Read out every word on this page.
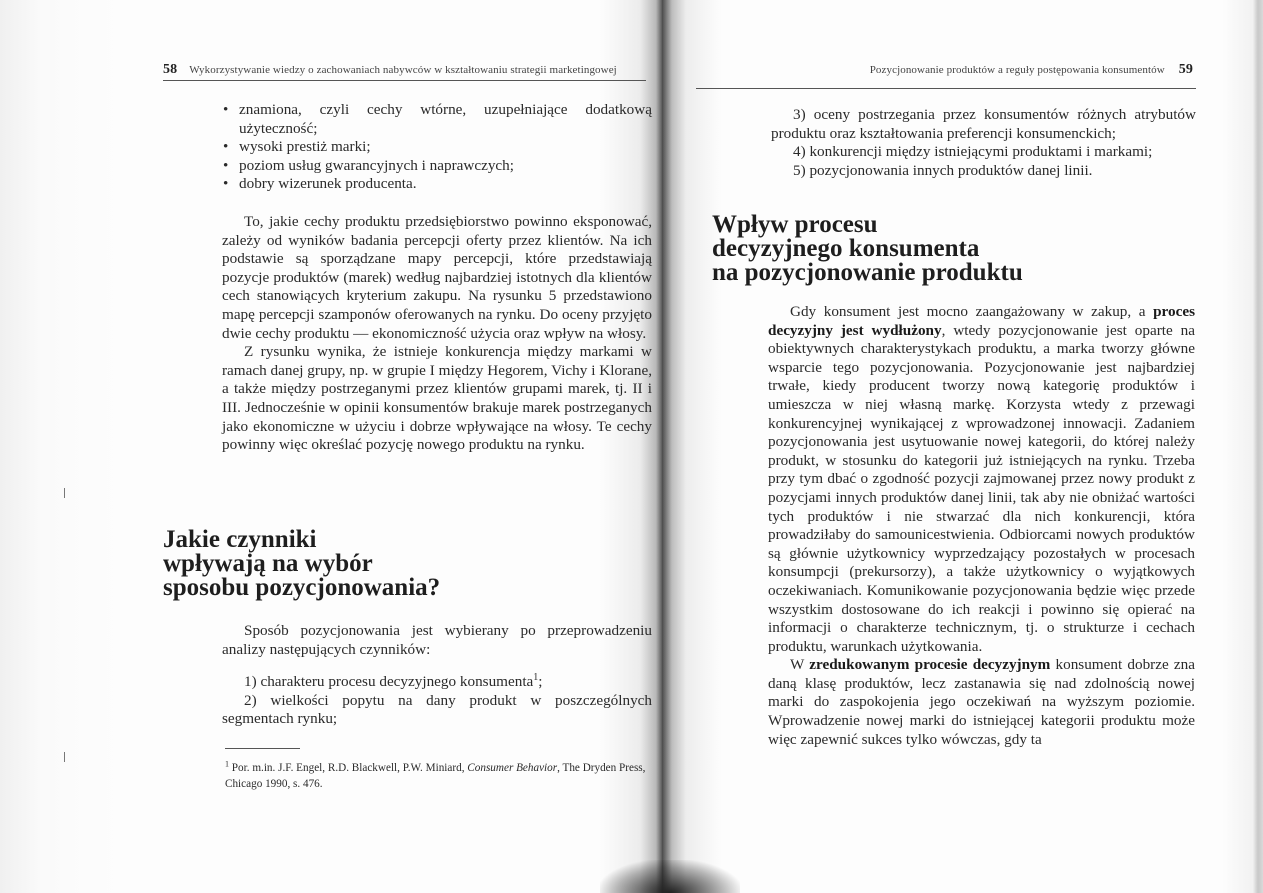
58 Wykorzystywanie wiedzy o zachowaniach nabywców w kształtowaniu strategii marketingowej
• znamiona, czyli cechy wtórne, uzupełniające dodatkową użyteczność;
• wysoki prestiż marki;
• poziom usług gwarancyjnych i naprawczych;
• dobry wizerunek producenta.

To, jakie cechy produktu przedsiębiorstwo powinno eksponować, zależy od wyników badania percepcji oferty przez klientów. Na ich podstawie są sporządzane mapy percepcji, które przedstawiają pozycje produktów (marek) według najbardziej istotnych dla klientów cech stanowiących kryterium zakupu. Na rysunku 5 przedstawiono mapę percepcji szamponów oferowanych na rynku. Do oceny przyjęto dwie cechy produktu — ekonomiczność użycia oraz wpływ na włosy.

Z rysunku wynika, że istnieje konkurencja między markami w ramach danej grupy, np. w grupie I między Hegorem, Vichy i Klorane, a także między postrzeganymi przez klientów grupami marek, tj. II i III. Jednocześnie w opinii konsumentów brakuje marek postrzeganych jako ekonomiczne w użyciu i dobrze wpływające na włosy. Te cechy powinny więc określać pozycję nowego produktu na rynku.

Jakie czynniki
wpływają na wybór
sposobu pozycjonowania?

Sposób pozycjonowania jest wybierany po przeprowadzeniu analizy następujących czynników:

1) charakteru procesu decyzyjnego konsumenta$^1$;

2) wielkości popytu na dany produkt w poszczególnych segmentach rynku;

$^1$ Por. m.in. J.F. Engel, R.D. Blackwell, P.W. Miniard, Consumer Behavior, The Dryden Press, Chicago 1990, s. 476.
Pozycjonowanie produktów a reguły postępowania konsumentów 59

3) oceny postrzegania przez konsumentów różnych atrybutów produktu oraz kształtowania preferencji konsumenckich;

4) konkurencji między istniejącymi produktami i markami;

5) pozycjonowania innych produktów danej linii.

Wpływ procesu
decyzyjnego konsumenta
na pozycjonowanie produktu

Gdy konsument jest mocno zaangażowany w zakup, a proces decyzyjny jest wydłużony, wtedy pozycjonowanie jest oparte na obiektywnych charakterystykach produktu, a marka tworzy główne wsparcie tego pozycjonowania. Pozycjonowanie jest najbardziej trwałe, kiedy producent tworzy nową kategorię produktów i umieszcza w niej własną markę. Korzysta wtedy z przewagi konkurencyjnej wynikającej z wprowadzonej innowacji. Zadaniem pozycjonowania jest usytuowanie nowej kategorii, do której należy produkt, w stosunku do kategorii już istniejących na rynku. Trzeba przy tym dbać o zgodność pozycji zajmowanej przez nowy produkt z pozycjami innych produktów danej linii, tak aby nie obniżać wartości tych produktów i nie stwarzać dla nich konkurencji, która prowadziłaby do samounicestwienia. Odbiorcami nowych produktów są głównie użytkownicy wyprzedzający pozostałych w procesach konsumpcji (prekursorzy), a także użytkownicy o wyjątkowych oczekiwaniach. Komunikowanie pozycjonowania będzie więc przede wszystkim dostosowane do ich reakcji i powinno się opierać na informacji o charakterze technicznym, tj. o strukturze i cechach produktu, warunkach użytkowania.

W zredukowanym procesie decyzyjnym konsument dobrze zna daną klasę produktów, lecz zastanawia się nad zdolnością nowej marki do zaspokojenia jego oczekiwań na wyższym poziomie. Wprowadzenie nowej marki do istniejącej kategorii produktu może więc zapewnić sukces tylko wówczas, gdy ta
